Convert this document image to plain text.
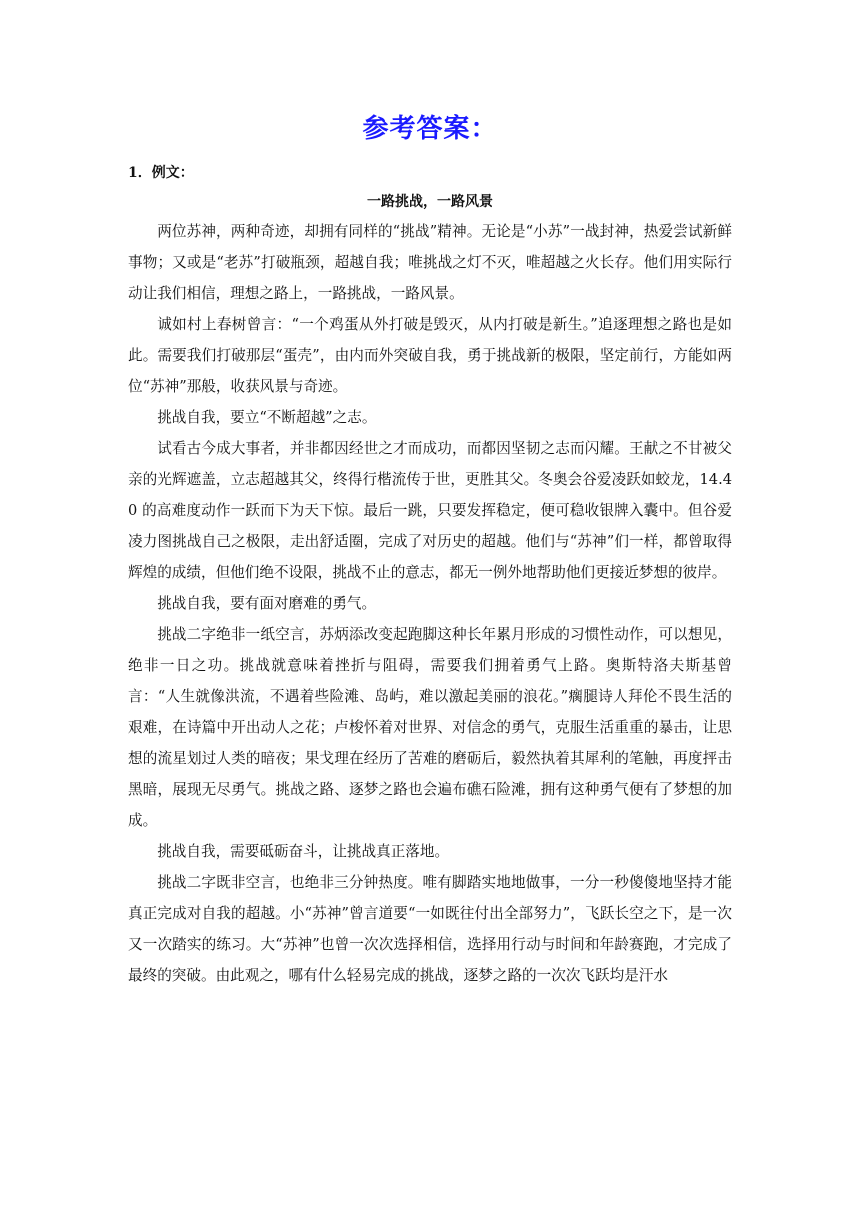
参考答案：

1．例文：

一路挑战，一路风景

两位苏神，两种奇迹，却拥有同样的“挑战”精神。无论是“小苏”一战封神，热爱尝试新鲜事物；又或是“老苏”打破瓶颈，超越自我；唯挑战之灯不灭，唯超越之火长存。他们用实际行动让我们相信，理想之路上，一路挑战，一路风景。

诚如村上春树曾言：“一个鸡蛋从外打破是毁灭，从内打破是新生。”追逐理想之路也是如此。需要我们打破那层“蛋壳”，由内而外突破自我，勇于挑战新的极限，坚定前行，方能如两位“苏神”那般，收获风景与奇迹。

挑战自我，要立“不断超越”之志。

试看古今成大事者，并非都因经世之才而成功，而都因坚韧之志而闪耀。王献之不甘被父亲的光辉遮盖，立志超越其父，终得行楷流传于世，更胜其父。冬奥会谷爱凌跃如蛟龙，14.40 的高难度动作一跃而下为天下惊。最后一跳，只要发挥稳定，便可稳收银牌入囊中。但谷爱凌力图挑战自己之极限，走出舒适圈，完成了对历史的超越。他们与“苏神”们一样，都曾取得辉煌的成绩，但他们绝不设限，挑战不止的意志，都无一例外地帮助他们更接近梦想的彼岸。

挑战自我，要有面对磨难的勇气。

挑战二字绝非一纸空言，苏炳添改变起跑脚这种长年累月形成的习惯性动作，可以想见，绝非一日之功。挑战就意味着挫折与阻碍，需要我们拥着勇气上路。奥斯特洛夫斯基曾言：“人生就像洪流，不遇着些险滩、岛屿，难以激起美丽的浪花。”瘸腿诗人拜伦不畏生活的艰难，在诗篇中开出动人之花；卢梭怀着对世界、对信念的勇气，克服生活重重的暴击，让思想的流星划过人类的暗夜；果戈理在经历了苦难的磨砺后，毅然执着其犀利的笔触，再度抨击黑暗，展现无尽勇气。挑战之路、逐梦之路也会遍布礁石险滩，拥有这种勇气便有了梦想的加成。

挑战自我，需要砥砺奋斗，让挑战真正落地。

挑战二字既非空言，也绝非三分钟热度。唯有脚踏实地地做事，一分一秒傻傻地坚持才能真正完成对自我的超越。小“苏神”曾言道要“一如既往付出全部努力”，飞跃长空之下，是一次又一次踏实的练习。大“苏神”也曾一次次选择相信，选择用行动与时间和年龄赛跑，才完成了最终的突破。由此观之，哪有什么轻易完成的挑战，逐梦之路的一次次飞跃均是汗水
